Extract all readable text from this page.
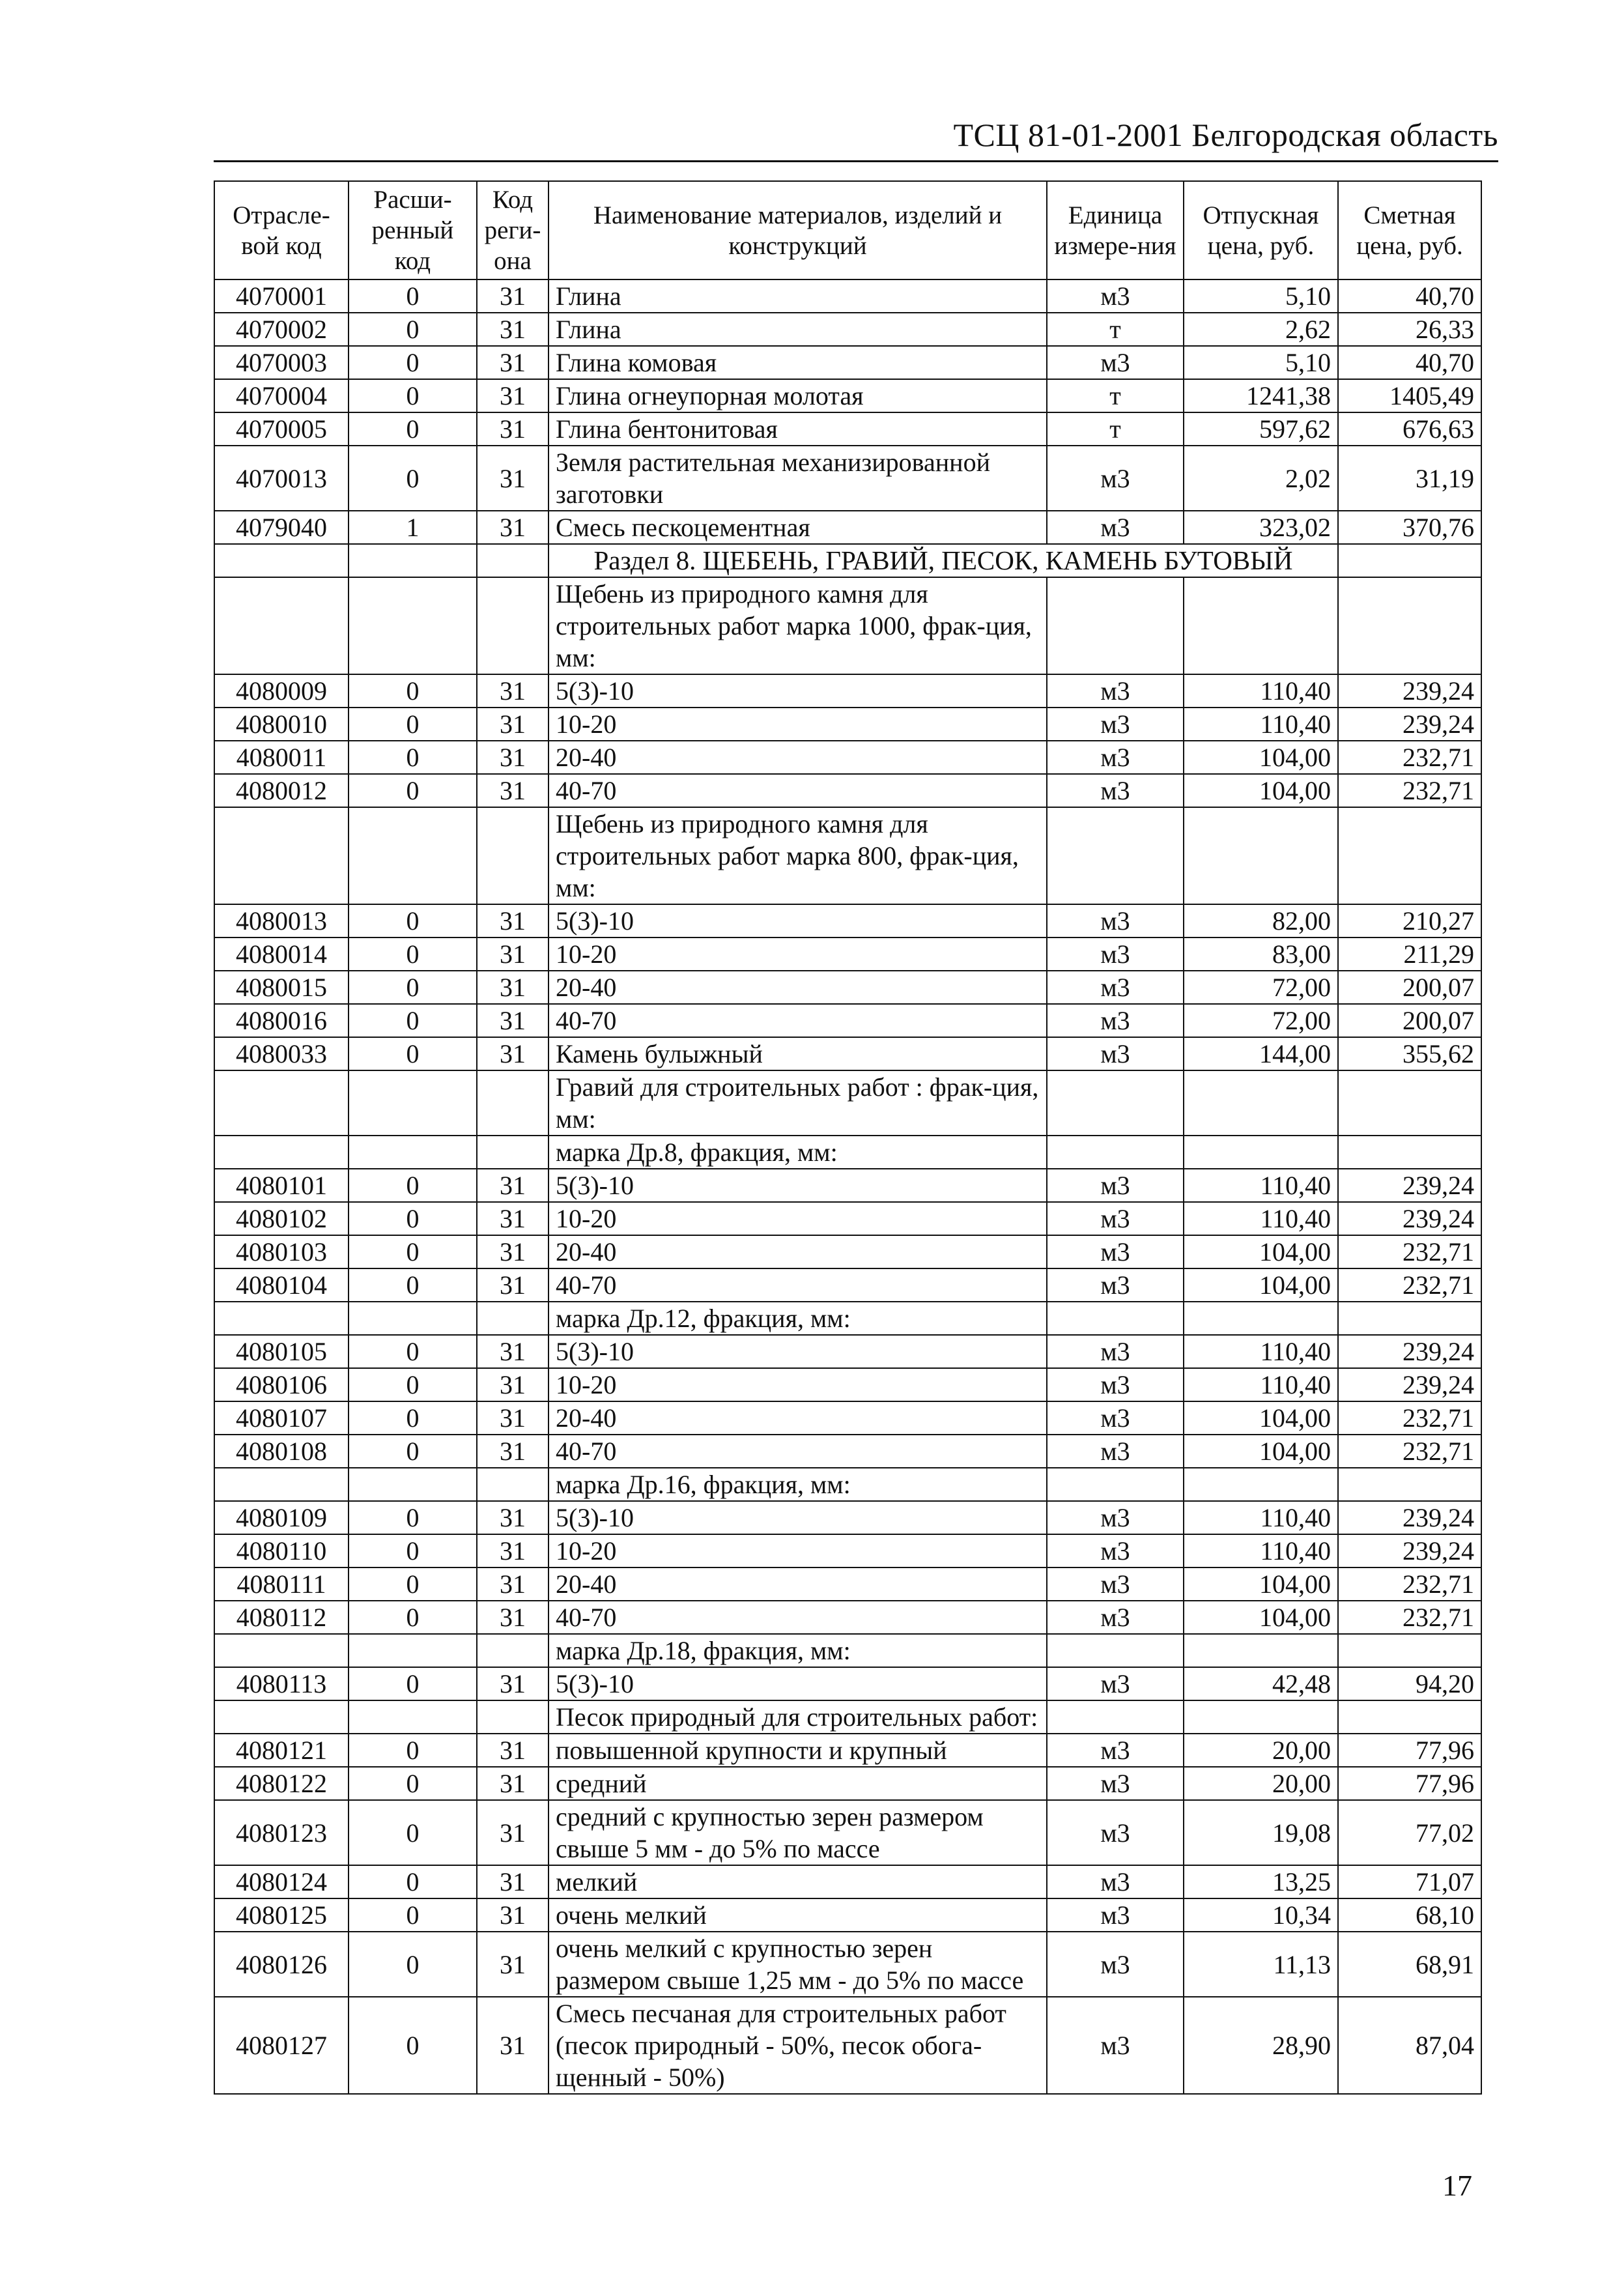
ТСЦ 81-01-2001 Белгородская область
Отрасле-вой код	Расши-ренный код	Код реги-она	Наименование материалов, изделий и конструкций	Единица измере-ния	Отпускная цена, руб.	Сметная цена, руб.
4070001	0	31	Глина	м3	5,10	40,70
4070002	0	31	Глина	т	2,62	26,33
4070003	0	31	Глина комовая	м3	5,10	40,70
4070004	0	31	Глина огнеупорная молотая	т	1241,38	1405,49
4070005	0	31	Глина бентонитовая	т	597,62	676,63
4070013	0	31	Земля растительная механизированной заготовки	м3	2,02	31,19
4079040	1	31	Смесь пескоцементная	м3	323,02	370,76
			Раздел 8. ЩЕБЕНЬ, ГРАВИЙ, ПЕСОК, КАМЕНЬ БУТОВЫЙ			
			Щебень из природного камня для строительных работ марка 1000, фрак-ция, мм:			
4080009	0	31	5(3)-10	м3	110,40	239,24
4080010	0	31	10-20	м3	110,40	239,24
4080011	0	31	20-40	м3	104,00	232,71
4080012	0	31	40-70	м3	104,00	232,71
			Щебень из природного камня для строительных работ марка 800, фрак-ция, мм:			
4080013	0	31	5(3)-10	м3	82,00	210,27
4080014	0	31	10-20	м3	83,00	211,29
4080015	0	31	20-40	м3	72,00	200,07
4080016	0	31	40-70	м3	72,00	200,07
4080033	0	31	Камень булыжный	м3	144,00	355,62
			Гравий для строительных работ : фрак-ция, мм:			
			марка Др.8, фракция, мм:			
4080101	0	31	5(3)-10	м3	110,40	239,24
4080102	0	31	10-20	м3	110,40	239,24
4080103	0	31	20-40	м3	104,00	232,71
4080104	0	31	40-70	м3	104,00	232,71
			марка Др.12, фракция, мм:			
4080105	0	31	5(3)-10	м3	110,40	239,24
4080106	0	31	10-20	м3	110,40	239,24
4080107	0	31	20-40	м3	104,00	232,71
4080108	0	31	40-70	м3	104,00	232,71
			марка Др.16, фракция, мм:			
4080109	0	31	5(3)-10	м3	110,40	239,24
4080110	0	31	10-20	м3	110,40	239,24
4080111	0	31	20-40	м3	104,00	232,71
4080112	0	31	40-70	м3	104,00	232,71
			марка Др.18, фракция, мм:			
4080113	0	31	5(3)-10	м3	42,48	94,20
			Песок природный для строительных работ:			
4080121	0	31	повышенной крупности и крупный	м3	20,00	77,96
4080122	0	31	средний	м3	20,00	77,96
4080123	0	31	средний с крупностью зерен размером свыше 5 мм - до 5% по массе	м3	19,08	77,02
4080124	0	31	мелкий	м3	13,25	71,07
4080125	0	31	очень мелкий	м3	10,34	68,10
4080126	0	31	очень мелкий с крупностью зерен размером свыше 1,25 мм - до 5% по массе	м3	11,13	68,91
4080127	0	31	Смесь песчаная для строительных работ (песок природный - 50%, песок обога-щенный - 50%)	м3	28,90	87,04
17
